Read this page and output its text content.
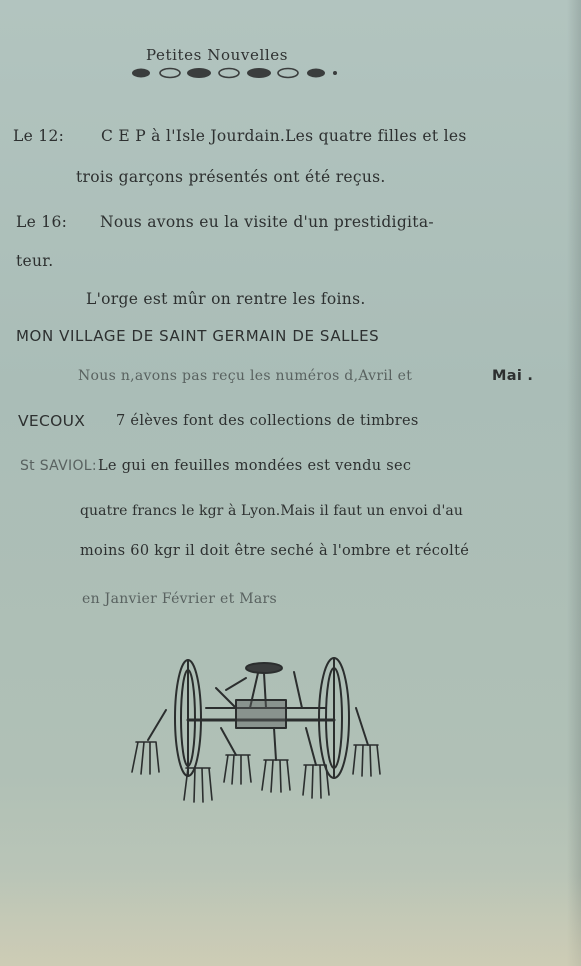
Petites Nouvelles
Le 12: C E P à l'Isle Jourdain.Les quatre filles et les
trois garçons présentés ont été reçus.
Le 16: Nous avons eu la visite d'un prestidigita-
teur.
L'orge est mûr on rentre les foins.
MON VILLAGE DE SAINT GERMAIN DE SALLES
Nous n,avons pas reçu les numéros d,Avril et	Mai .
VECOUX 7 élèves font des collections de timbres
St SAVIOL: Le gui en feuilles mondées est vendu sec
quatre francs le kgr à Lyon.Mais il faut un envoi d'au
moins 60 kgr il doit être seché à l'ombre et récolté
en Janvier Février et Mars
